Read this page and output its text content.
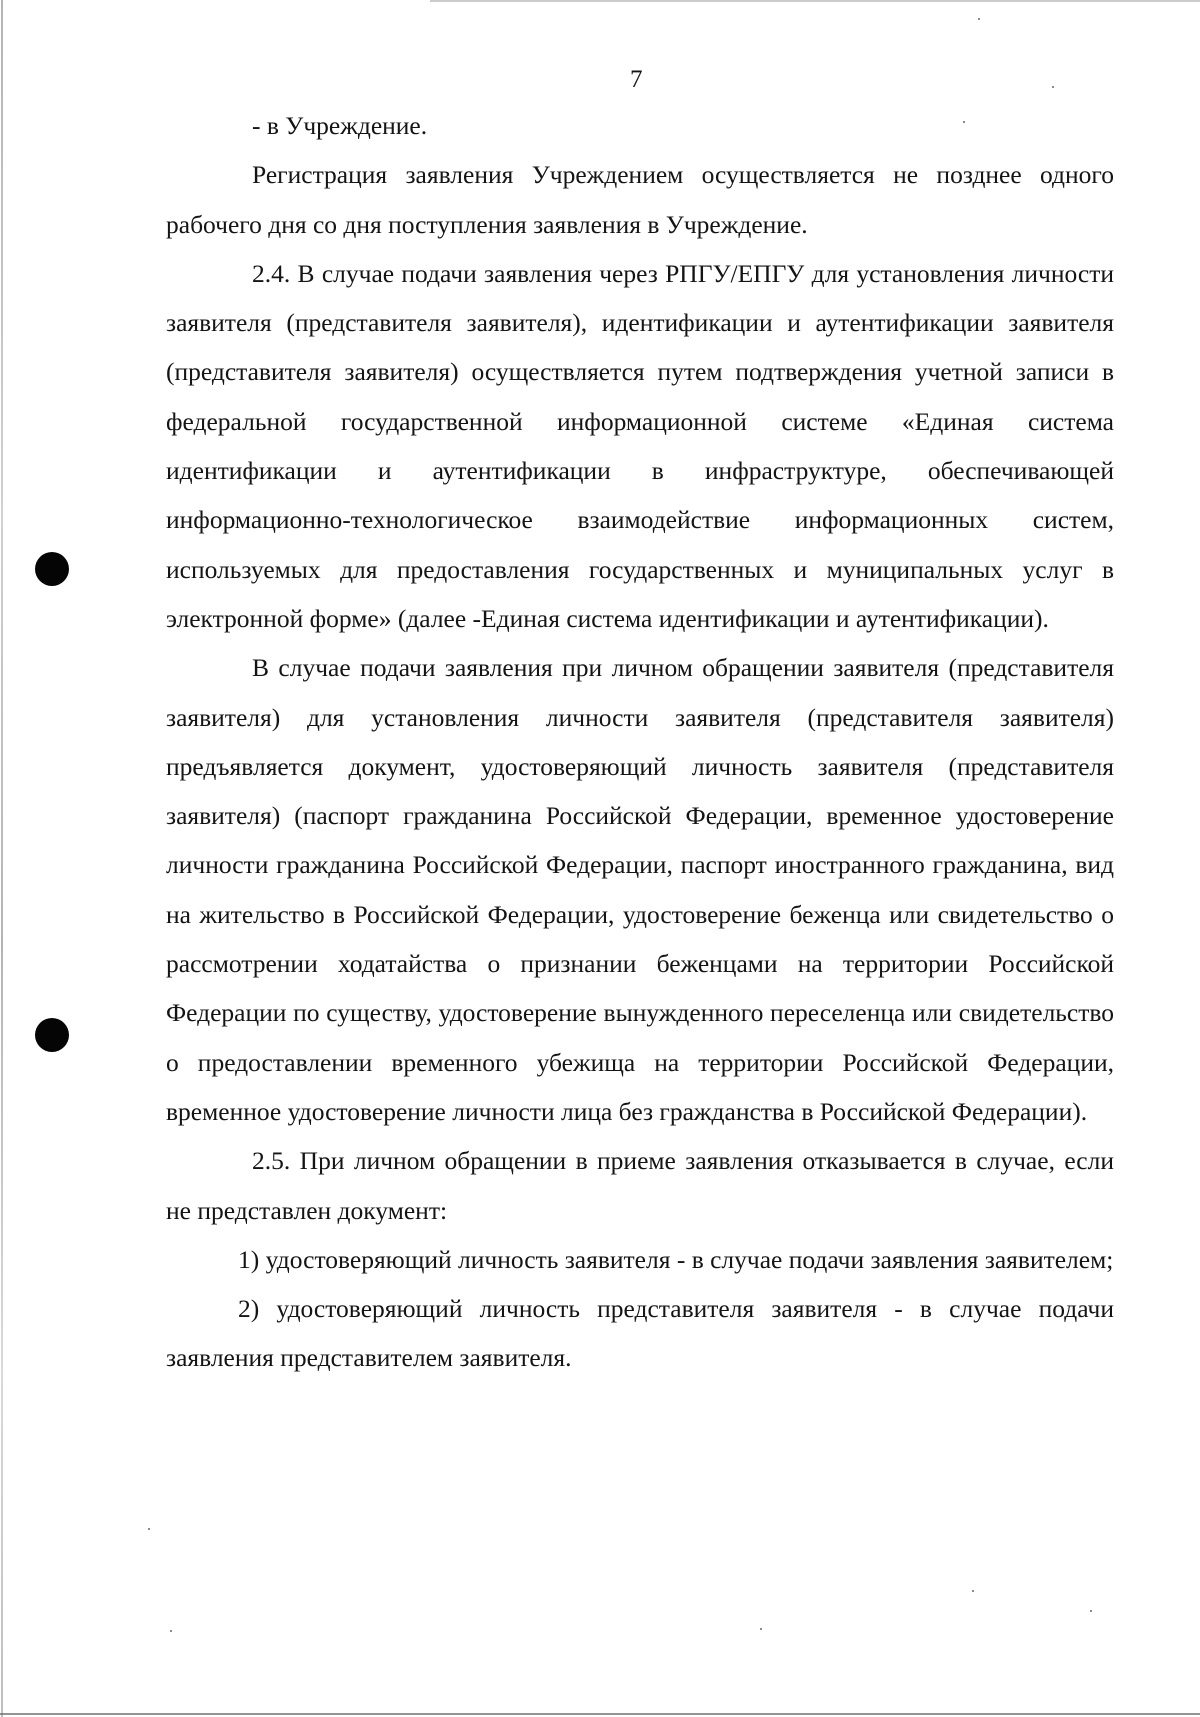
7

- в Учреждение.

Регистрация заявления Учреждением осуществляется не позднее одного рабочего дня со дня поступления заявления в Учреждение.

2.4. В случае подачи заявления через РПГУ/ЕПГУ для установления личности заявителя (представителя заявителя), идентификации и аутентификации заявителя (представителя заявителя) осуществляется путем подтверждения учетной записи в федеральной государственной информационной системе «Единая система идентификации и аутентификации в инфраструктуре, обеспечивающей информационно-технологическое взаимодействие информационных систем, используемых для предоставления государственных и муниципальных услуг в электронной форме» (далее -Единая система идентификации и аутентификации).

В случае подачи заявления при личном обращении заявителя (представителя заявителя) для установления личности заявителя (представителя заявителя) предъявляется документ, удостоверяющий личность заявителя (представителя заявителя) (паспорт гражданина Российской Федерации, временное удостоверение личности гражданина Российской Федерации, паспорт иностранного гражданина, вид на жительство в Российской Федерации, удостоверение беженца или свидетельство о рассмотрении ходатайства о признании беженцами на территории Российской Федерации по существу, удостоверение вынужденного переселенца или свидетельство о предоставлении временного убежища на территории Российской Федерации, временное удостоверение личности лица без гражданства в Российской Федерации).

2.5. При личном обращении в приеме заявления отказывается в случае, если не представлен документ:

1) удостоверяющий личность заявителя - в случае подачи заявления заявителем;

2) удостоверяющий личность представителя заявителя - в случае подачи заявления представителем заявителя.
